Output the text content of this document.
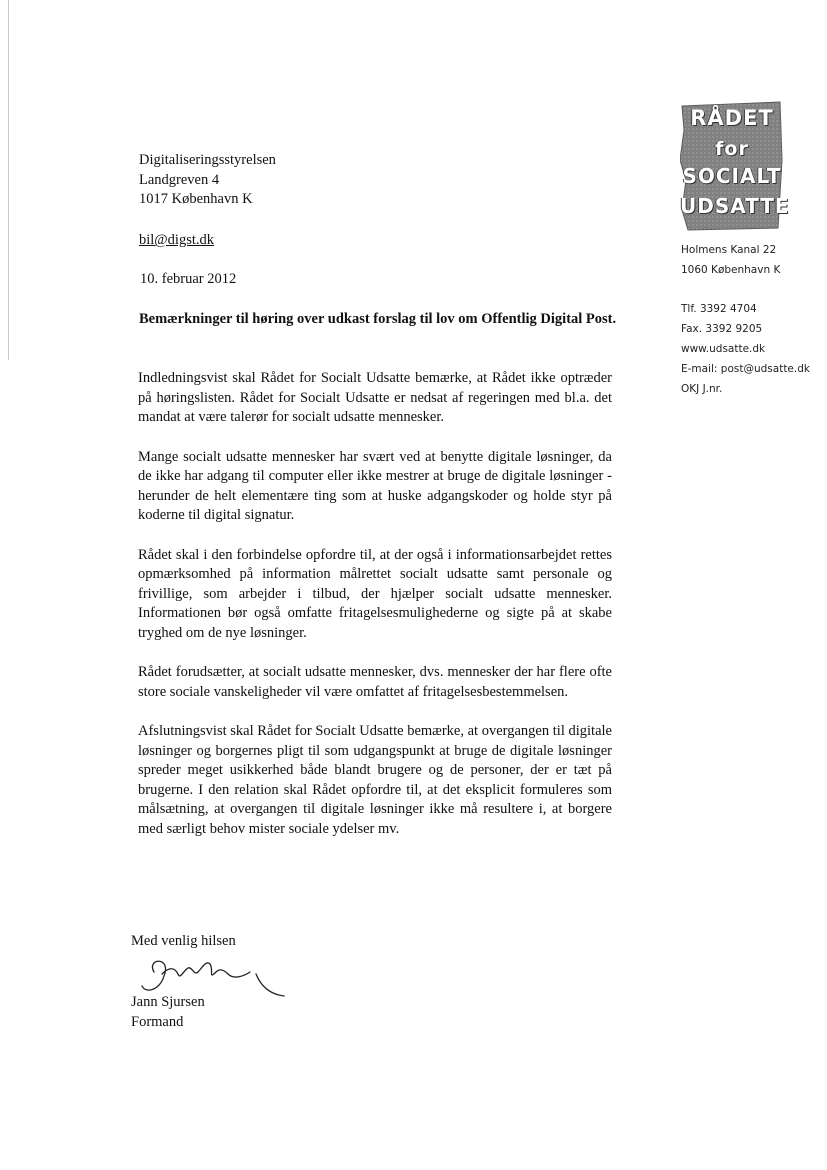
Digitaliseringsstyrelsen
Landgreven 4
1017 København K
bil@digst.dk
10. februar 2012
Bemærkninger til høring over udkast forslag til lov om Offentlig Digital Post.

Indledningsvist skal Rådet for Socialt Udsatte bemærke, at Rådet ikke optræder på høringslisten. Rådet for Socialt Udsatte er nedsat af regeringen med bl.a. det mandat at være talerør for socialt udsatte mennesker.

Mange socialt udsatte mennesker har svært ved at benytte digitale løsninger, da de ikke har adgang til computer eller ikke mestrer at bruge de digitale løsninger - herunder de helt elementære ting som at huske adgangskoder og holde styr på koderne til digital signatur.

Rådet skal i den forbindelse opfordre til, at der også i informationsarbejdet rettes opmærksomhed på information målrettet socialt udsatte samt personale og frivillige, som arbejder i tilbud, der hjælper socialt udsatte mennesker. Informationen bør også omfatte fritagelsesmulighederne og sigte på at skabe tryghed om de nye løsninger.

Rådet forudsætter, at socialt udsatte mennesker, dvs. mennesker der har flere ofte store sociale vanskeligheder vil være omfattet af fritagelsesbestemmelsen.

Afslutningsvist skal Rådet for Socialt Udsatte bemærke, at overgangen til digitale løsninger og borgernes pligt til som udgangspunkt at bruge de digitale løsninger spreder meget usikkerhed både blandt brugere og de personer, der er tæt på brugerne. I den relation skal Rådet opfordre til, at det eksplicit formuleres som målsætning, at overgangen til digitale løsninger ikke må resultere i, at borgere med særligt behov mister sociale ydelser mv.

Med venlig hilsen
Jann Sjursen
Formand
RÅDET
for
SOCIALT
UDSATTE
Holmens Kanal 22
1060 København K
Tlf. 3392 4704
Fax. 3392 9205
www.udsatte.dk
E-mail: post@udsatte.dk
OKJ J.nr.
